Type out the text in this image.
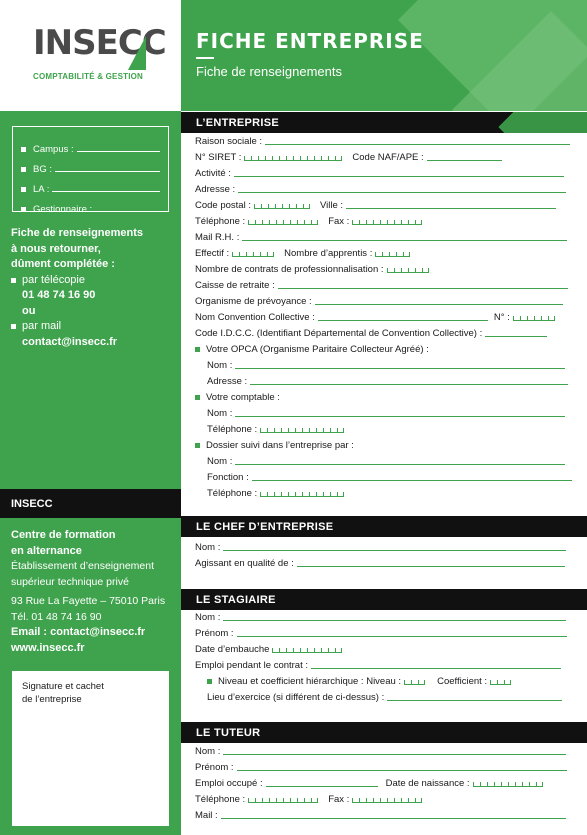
INSECC
COMPTABILITÉ & GESTION
Campus :
BG :
LA :
Gestionnaire :
Fiche de renseignements
à nous retourner,
dûment complétée :
par télécopie
01 48 74 16 90
ou
par mail
contact@insecc.fr
INSECC
Centre de formation
en alternance
Établissement d’enseignement
supérieur technique privé
93 Rue La Fayette – 75010 Paris
Tél. 01 48 74 16 90
Email : contact@insecc.fr
www.insecc.fr
Signature et cachet
de l’entreprise
FICHE ENTREPRISE
Fiche de renseignements
L’ENTREPRISE
Raison sociale :
N° SIRET :	Code NAF/APE :
Activité :
Adresse :
Code postal :	Ville :
Téléphone :	Fax :
Mail R.H. :
Effectif :	Nombre d’apprentis :
Nombre de contrats de professionnalisation :
Caisse de retraite :
Organisme de prévoyance :
Nom Convention Collective :	N° :
Code I.D.C.C. (Identifiant Départemental de Convention Collective) :
Votre OPCA (Organisme Paritaire Collecteur Agréé) :
Nom :
Adresse :
Votre comptable :
Nom :
Téléphone :
Dossier suivi dans l’entreprise par :
Nom :
Fonction :
Téléphone :
Nom :
Agissant en qualité de :
Nom :
Prénom :
Date d’embauche
Emploi pendant le contrat :
Niveau et coefficient hiérarchique : Niveau :	Coefficient :
Lieu d’exercice (si différent de ci-dessus) :
Nom :
Prénom :
Emploi occupé :	Date de naissance :
Téléphone :	Fax :
Mail :
LE CHEF D’ENTREPRISE
LE STAGIAIRE
LE TUTEUR
